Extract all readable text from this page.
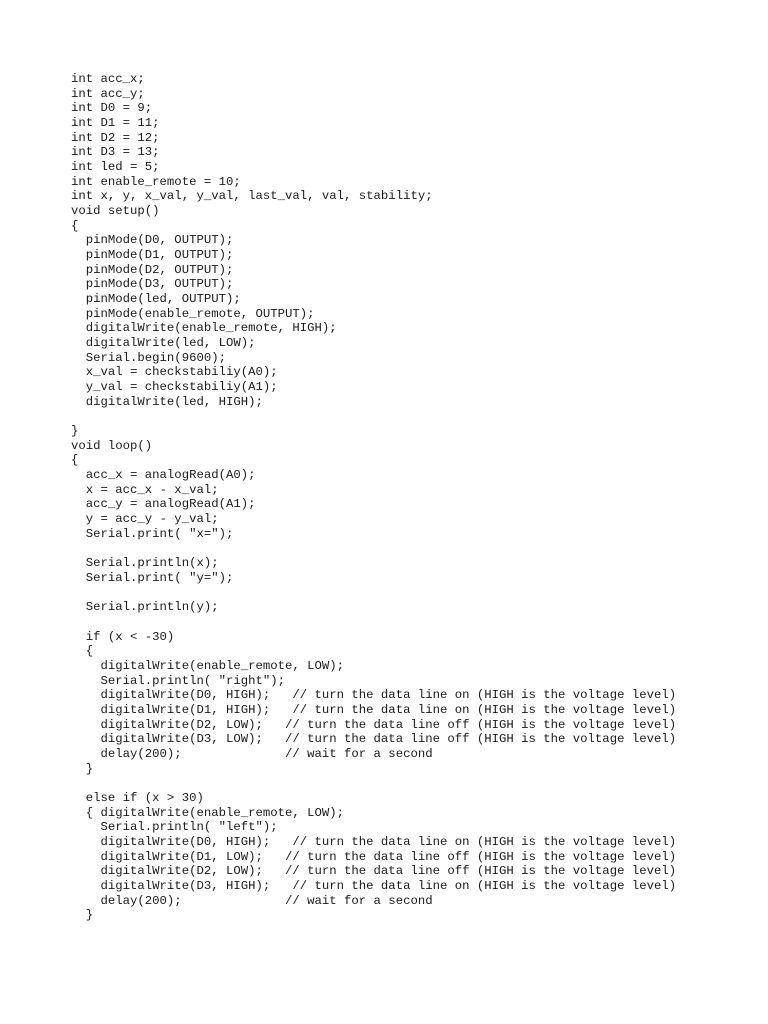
int acc_x;
int acc_y;
int D0 = 9;
int D1 = 11;
int D2 = 12;
int D3 = 13;
int led = 5;
int enable_remote = 10;
int x, y, x_val, y_val, last_val, val, stability;
void setup()
{
pinMode(D0, OUTPUT);
pinMode(D1, OUTPUT);
pinMode(D2, OUTPUT);
pinMode(D3, OUTPUT);
pinMode(led, OUTPUT);
pinMode(enable_remote, OUTPUT);
digitalWrite(enable_remote, HIGH);
digitalWrite(led, LOW);
Serial.begin(9600);
x_val = checkstabiliy(A0);
y_val = checkstabiliy(A1);
digitalWrite(led, HIGH);
}
void loop()
{
acc_x = analogRead(A0);
x = acc_x - x_val;
acc_y = analogRead(A1);
y = acc_y - y_val;
Serial.print( "x=");
Serial.println(x);
Serial.print( "y=");
Serial.println(y);
if (x < -30)
{
digitalWrite(enable_remote, LOW);
Serial.println( "right");
digitalWrite(D0, HIGH);   // turn the data line on (HIGH is the voltage level)
digitalWrite(D1, HIGH);   // turn the data line on (HIGH is the voltage level)
digitalWrite(D2, LOW);   // turn the data line off (HIGH is the voltage level)
digitalWrite(D3, LOW);   // turn the data line off (HIGH is the voltage level)
delay(200);              // wait for a second
}
else if (x > 30)
{ digitalWrite(enable_remote, LOW);
Serial.println( "left");
digitalWrite(D0, HIGH);   // turn the data line on (HIGH is the voltage level)
digitalWrite(D1, LOW);   // turn the data line off (HIGH is the voltage level)
digitalWrite(D2, LOW);   // turn the data line off (HIGH is the voltage level)
digitalWrite(D3, HIGH);   // turn the data line on (HIGH is the voltage level)
delay(200);              // wait for a second
}
